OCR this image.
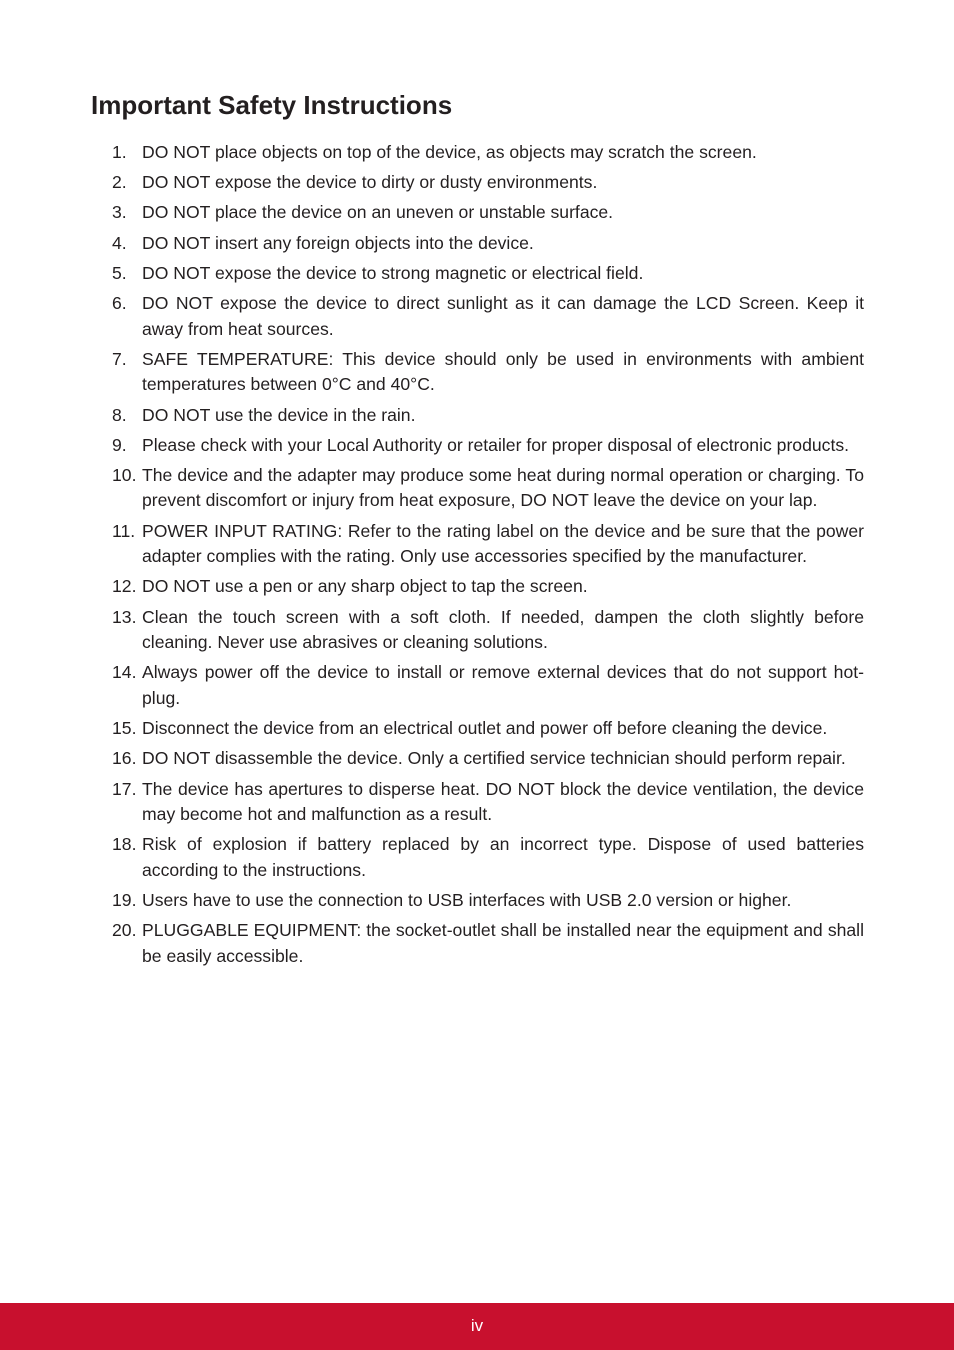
Important Safety Instructions
1. DO NOT place objects on top of the device, as objects may scratch the screen.
2. DO NOT expose the device to dirty or dusty environments.
3. DO NOT place the device on an uneven or unstable surface.
4. DO NOT insert any foreign objects into the device.
5. DO NOT expose the device to strong magnetic or electrical field.
6. DO NOT expose the device to direct sunlight as it can damage the LCD Screen. Keep it away from heat sources.
7. SAFE TEMPERATURE: This device should only be used in environments with ambient temperatures between 0°C and 40°C.
8. DO NOT use the device in the rain.
9. Please check with your Local Authority or retailer for proper disposal of electronic products.
10. The device and the adapter may produce some heat during normal operation or charging. To prevent discomfort or injury from heat exposure, DO NOT leave the device on your lap.
11. POWER INPUT RATING: Refer to the rating label on the device and be sure that the power adapter complies with the rating. Only use accessories specified by the manufacturer.
12. DO NOT use a pen or any sharp object to tap the screen.
13. Clean the touch screen with a soft cloth. If needed, dampen the cloth slightly before cleaning. Never use abrasives or cleaning solutions.
14. Always power off the device to install or remove external devices that do not support hot-plug.
15. Disconnect the device from an electrical outlet and power off before cleaning the device.
16. DO NOT disassemble the device. Only a certified service technician should perform repair.
17. The device has apertures to disperse heat. DO NOT block the device ventilation, the device may become hot and malfunction as a result.
18. Risk of explosion if battery replaced by an incorrect type. Dispose of used batteries according to the instructions.
19. Users have to use the connection to USB interfaces with USB 2.0 version or higher.
20. PLUGGABLE EQUIPMENT: the socket-outlet shall be installed near the equipment and shall be easily accessible.
iv
